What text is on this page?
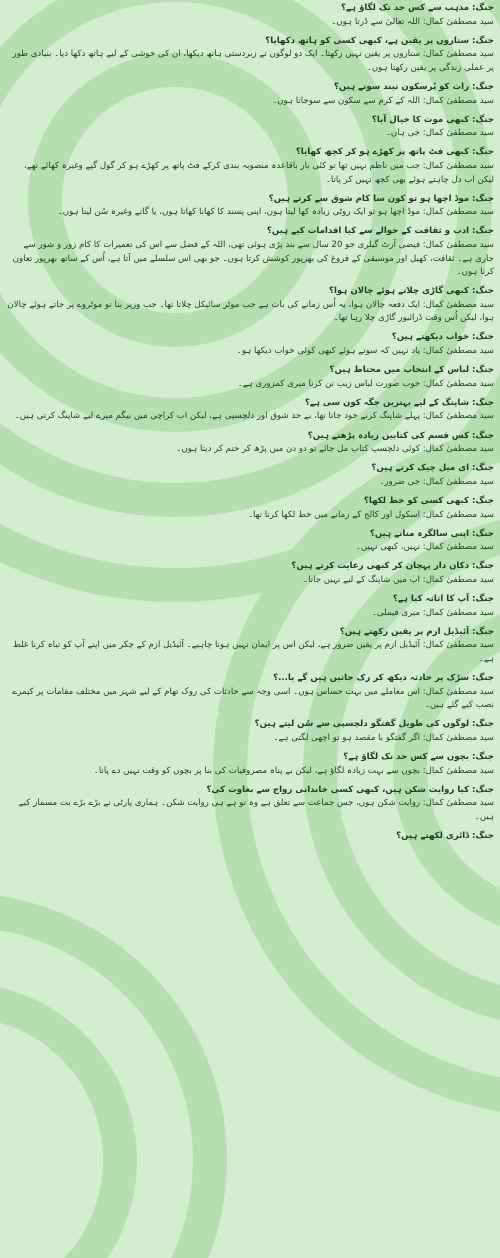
جنگ: مذہب سے کس حد تک لگاؤ ہے؟

سید مصطفیٰ کمال: اللہ تعالیٰ سے ڈرتا ہوں۔

جنگ: ستاروں پر یقین ہے، کبھی کسی کو ہاتھ دکھایا؟

سید مصطفیٰ کمال: ستاروں پر یقین نہیں رکھتا۔ ایک دو لوگوں نے زبردستی ہاتھ دیکھا، ان کی خوشی کے لیے ہاتھ دکھا دیا۔ بنیادی طور پر عملی زندگی پر یقین رکھتا ہوں۔

جنگ: رات کو پُرسکون نیند سوتے ہیں؟

سید مصطفیٰ کمال: اللہ کے کرم سے سکون سے سوجاتا ہوں۔

جنگ: کبھی موت کا خیال آیا؟

سید مصطفیٰ کمال: جی ہاں۔

جنگ: کبھی فٹ پاتھ پر کھڑے ہو کر کچھ کھایا؟

سید مصطفیٰ کمال: جب میں ناظم نہیں تھا تو کئی بار باقاعدہ منصوبہ بندی کرکے فٹ پاتھ پر کھڑے ہو کر گول گپے وغیرہ کھائے تھے، لیکن اب دل چاہتے ہوئے بھی کچھ نہیں کر پاتا۔

جنگ: موڈ اچھا ہو تو کون سا کام شوق سے کرتے ہیں؟

سید مصطفیٰ کمال: موڈ اچھا ہو تو ایک روٹی زیادہ کھا لیتا ہوں، اپنی پسند کا کھانا کھاتا ہوں، یا گانے وغیرہ سُن لیتا ہوں۔

جنگ: ادب و ثقافت کے حوالے سے کیا اقدامات کیے ہیں؟

سید مصطفیٰ کمال: فیضی آرٹ گیلری جو 20 سال سے بند پڑی ہوئی تھی، اللہ کے فضل سے اس کی تعمیرات کا کام زور و شور سے جاری ہے۔ ثقافت، کھیل اور موسیقی کے فروغ کی بھرپور کوشش کرتا ہوں۔ جو بھی اس سلسلے میں آتا ہے، اُس کے ساتھ بھرپور تعاون کرتا ہوں۔

جنگ: کبھی گاڑی چلاتے ہوئے چالان ہوا؟

سید مصطفیٰ کمال: ایک دفعہ چالان ہوا، یہ اُس زمانے کی بات ہے جب موٹر سائیکل چلاتا تھا۔ جب وزیر بنا تو موٹروے پر جاتے ہوئے چالان ہوا، لیکن اُس وقت ڈرائیور گاڑی چلا رہا تھا۔

جنگ: خواب دیکھتے ہیں؟

سید مصطفیٰ کمال: یاد نہیں کہ سوتے ہوئے کبھی کوئی خواب دیکھا ہو۔

جنگ: لباس کے انتخاب میں محتاط ہیں؟

سید مصطفیٰ کمال: خوب صورت لباس زیب تن کرنا میری کمزوری ہے۔

جنگ: شاپنگ کے لیے بہترین جگہ کون سی ہے؟

سید مصطفیٰ کمال: پہلے شاپنگ کرنے خود جاتا تھا، بے حد شوق اور دلچسپی ہے، لیکن اب کراچی میں بیگم میرے لیے شاپنگ کرتی ہیں۔

جنگ: کس قسم کی کتابیں زیادہ پڑھتے ہیں؟

سید مصطفیٰ کمال: کوئی دلچسپ کتاب مل جائے تو دو دن میں پڑھ کر ختم کر دیتا ہوں۔

جنگ: ای میل چیک کرتے ہیں؟

سید مصطفیٰ کمال: جی ضرور۔

جنگ: کبھی کسی کو خط لکھا؟

سید مصطفیٰ کمال: اسکول اور کالج کے زمانے میں خط لکھا کرتا تھا۔

جنگ: اپنی سالگرہ مناتے ہیں؟

سید مصطفیٰ کمال: نہیں، کبھی نہیں۔

جنگ: دکان دار پہچان کر کبھی رعایت کرتے ہیں؟

سید مصطفیٰ کمال: اب میں شاپنگ کے لیے نہیں جاتا۔

جنگ: آپ کا اثاثہ کیا ہے؟

سید مصطفیٰ کمال: میری فیملی۔

جنگ: آئیڈیل ازم پر یقین رکھتے ہیں؟

سید مصطفیٰ کمال: آئیڈیل ازم پر یقین ضرور ہے، لیکن اس پر ایمان نہیں ہونا چاہیے۔ آئیڈیل ازم کے چکر میں اپنے آپ کو تباہ کرنا غلط ہے۔

جنگ: سڑک پر حادثہ دیکھ کر رک جاتیں ہیں گے یا...؟

سید مصطفیٰ کمال: اس معاملے میں بہت حساس ہوں۔ اسی وجہ سے حادثات کی روک تھام کے لیے شہر میں مختلف مقامات پر کیمرے نصب کیے گئے ہیں۔

جنگ: لوگوں کی طویل گفتگو دلچسپی سے سُن لیتے ہیں؟

سید مصطفیٰ کمال: اگر گفتگو با مقصد ہو تو اچھی لگتی ہے۔

جنگ: بچوں سے کس حد تک لگاؤ ہے؟

سید مصطفیٰ کمال: بچوں سے بہت زیادہ لگاؤ ہے، لیکن بے پناہ مصروفیات کی بنا پر بچوں کو وقت نہیں دے پاتا۔

جنگ: کیا روایت شکن ہیں، کبھی کسی خاندانی رواج سے بغاوت کی؟

سید مصطفیٰ کمال: روایت شکن ہوں، جس جماعت سے تعلق ہے وہ تو ہے ہی روایت شکن۔ ہماری پارٹی نے بڑے بڑے بت مسمار کیے ہیں۔

جنگ: ڈائری لکھتے ہیں؟
